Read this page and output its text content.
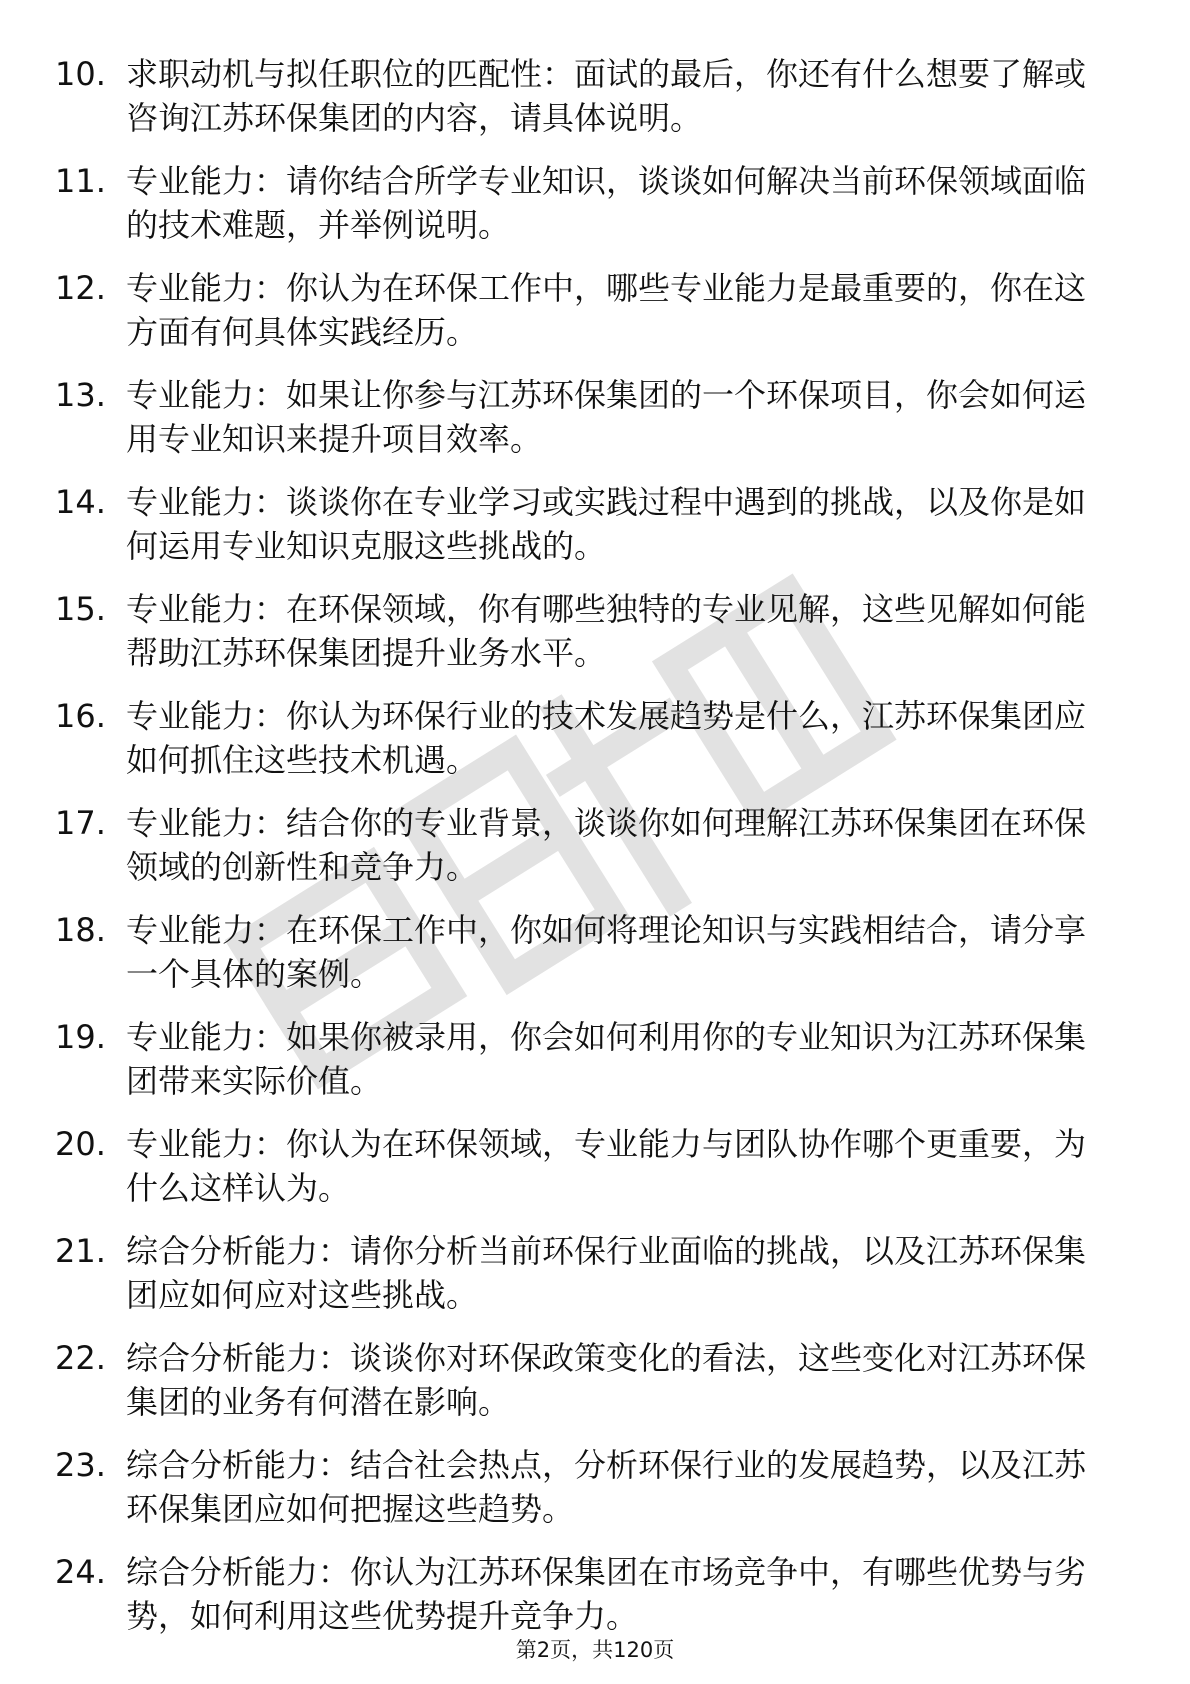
10. 求职动机与拟任职位的匹配性：面试的最后，你还有什么想要了解或咨询江苏环保集团的内容，请具体说明。
11. 专业能力：请你结合所学专业知识，谈谈如何解决当前环保领域面临的技术难题，并举例说明。
12. 专业能力：你认为在环保工作中，哪些专业能力是最重要的，你在这方面有何具体实践经历。
13. 专业能力：如果让你参与江苏环保集团的一个环保项目，你会如何运用专业知识来提升项目效率。
14. 专业能力：谈谈你在专业学习或实践过程中遇到的挑战，以及你是如何运用专业知识克服这些挑战的。
15. 专业能力：在环保领域，你有哪些独特的专业见解，这些见解如何能帮助江苏环保集团提升业务水平。
16. 专业能力：你认为环保行业的技术发展趋势是什么，江苏环保集团应如何抓住这些技术机遇。
17. 专业能力：结合你的专业背景，谈谈你如何理解江苏环保集团在环保领域的创新性和竞争力。
18. 专业能力：在环保工作中，你如何将理论知识与实践相结合，请分享一个具体的案例。
19. 专业能力：如果你被录用，你会如何利用你的专业知识为江苏环保集团带来实际价值。
20. 专业能力：你认为在环保领域，专业能力与团队协作哪个更重要，为什么这样认为。
21. 综合分析能力：请你分析当前环保行业面临的挑战，以及江苏环保集团应如何应对这些挑战。
22. 综合分析能力：谈谈你对环保政策变化的看法，这些变化对江苏环保集团的业务有何潜在影响。
23. 综合分析能力：结合社会热点，分析环保行业的发展趋势，以及江苏环保集团应如何把握这些趋势。
24. 综合分析能力：你认为江苏环保集团在市场竞争中，有哪些优势与劣势，如何利用这些优势提升竞争力。
第2页，共120页
